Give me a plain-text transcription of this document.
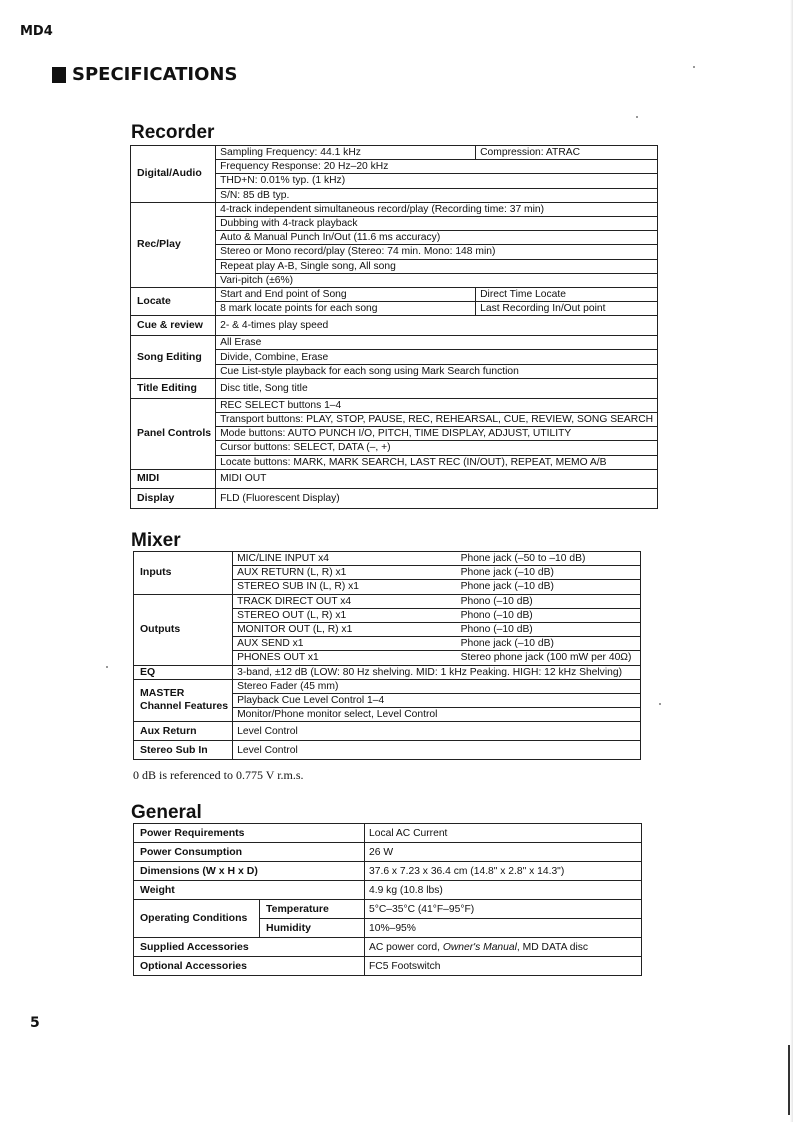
MD4
SPECIFICATIONS
Recorder
Digital/Audio	Sampling Frequency: 44.1 kHz	Compression: ATRAC
	Frequency Response: 20 Hz–20 kHz	
	THD+N: 0.01% typ. (1 kHz)	
	S/N: 85 dB typ.	
Rec/Play	4-track independent simultaneous record/play (Recording time: 37 min)	
	Dubbing with 4-track playback	
	Auto & Manual Punch In/Out (11.6 ms accuracy)	
	Stereo or Mono record/play (Stereo: 74 min. Mono: 148 min)	
	Repeat play A-B, Single song, All song	
	Vari-pitch (±6%)	
Locate	Start and End point of Song	Direct Time Locate
	8 mark locate points for each song	Last Recording In/Out point
Cue & review	2- & 4-times play speed	
Song Editing	All Erase	
	Divide, Combine, Erase	
	Cue List-style playback for each song using Mark Search function	
Title Editing	Disc title, Song title	
Panel Controls	REC SELECT buttons 1–4	
	Transport buttons: PLAY, STOP, PAUSE, REC, REHEARSAL, CUE, REVIEW, SONG SEARCH	
	Mode buttons: AUTO PUNCH I/O, PITCH, TIME DISPLAY, ADJUST, UTILITY	
	Cursor buttons: SELECT, DATA (–, +)	
	Locate buttons: MARK, MARK SEARCH, LAST REC (IN/OUT), REPEAT, MEMO A/B	
MIDI	MIDI OUT	
Display	FLD (Fluorescent Display)	
Mixer
Inputs	MIC/LINE INPUT x4	Phone jack (–50 to –10 dB)
	AUX RETURN (L, R) x1	Phone jack (–10 dB)
	STEREO SUB IN (L, R) x1	Phone jack (–10 dB)
Outputs	TRACK DIRECT OUT x4	Phono (–10 dB)
	STEREO OUT (L, R) x1	Phono (–10 dB)
	MONITOR OUT (L, R) x1	Phono (–10 dB)
	AUX SEND x1	Phone jack (–10 dB)
	PHONES OUT x1	Stereo phone jack (100 mW per 40Ω)
EQ	3-band, ±12 dB (LOW: 80 Hz shelving. MID: 1 kHz Peaking. HIGH: 12 kHz Shelving)	

MASTER
Channel Features	Stereo Fader (45 mm)	
	Playback Cue Level Control 1–4	
	Monitor/Phone monitor select, Level Control	
Aux Return	Level Control	
Stereo Sub In	Level Control	
0 dB is referenced to 0.775 V r.m.s.
General
Power Requirements		Local AC Current
Power Consumption		26 W
Dimensions (W x H x D)		37.6 x 7.23 x 36.4 cm (14.8" x 2.8" x 14.3")
Weight		4.9 kg (10.8 lbs)
Operating Conditions	Temperature	5°C–35°C (41°F–95°F)
	Humidity	10%–95%
Supplied Accessories		AC power cord, Owner's Manual, MD DATA disc
Optional Accessories		FC5 Footswitch
5
